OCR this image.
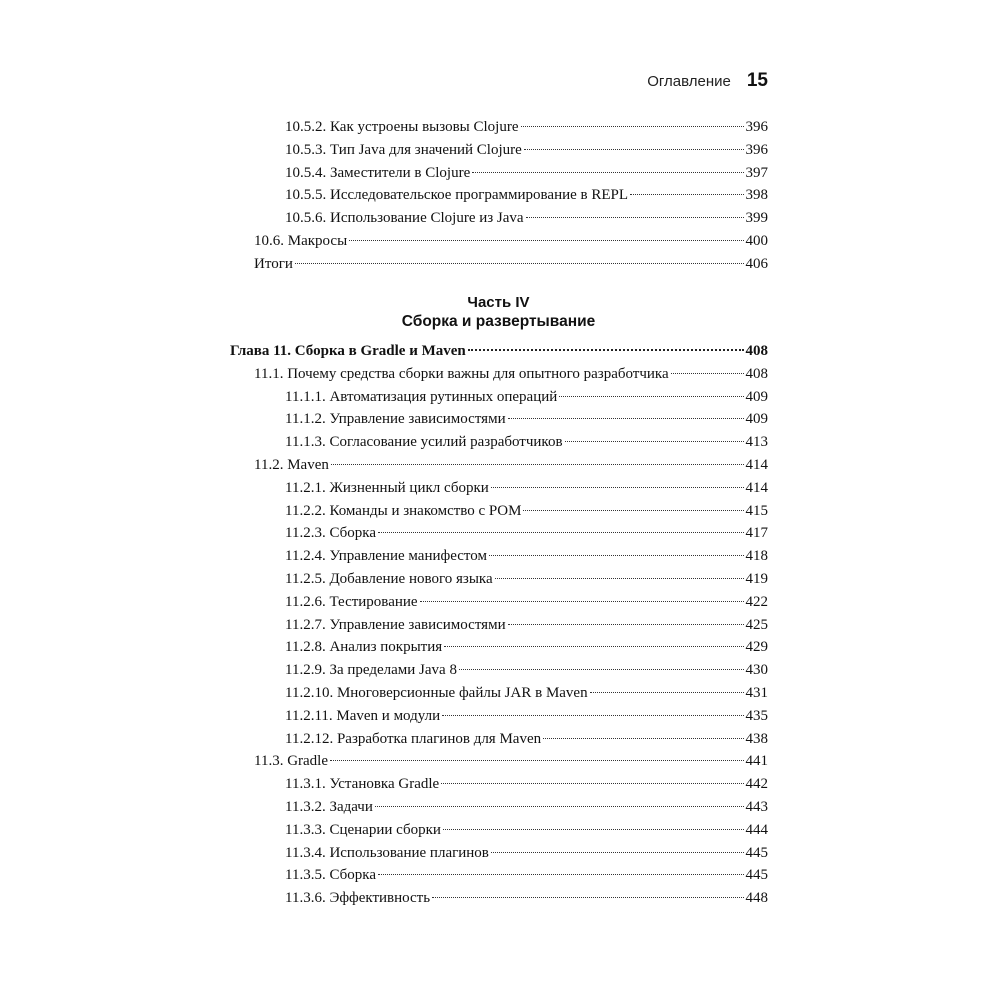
Оглавление 15
10.5.2. Как устроены вызовы Clojure	396
10.5.3. Тип Java для значений Clojure	396
10.5.4. Заместители в Clojure	397
10.5.5. Исследовательское программирование в REPL	398
10.5.6. Использование Clojure из Java	399
10.6. Макросы	400
Итоги	406
Часть IV
Сборка и развертывание
Глава 11. Сборка в Gradle и Maven	408
11.1. Почему средства сборки важны для опытного разработчика	408
11.1.1. Автоматизация рутинных операций	409
11.1.2. Управление зависимостями	409
11.1.3. Согласование усилий разработчиков	413
11.2. Maven	414
11.2.1. Жизненный цикл сборки	414
11.2.2. Команды и знакомство с POM	415
11.2.3. Сборка	417
11.2.4. Управление манифестом	418
11.2.5. Добавление нового языка	419
11.2.6. Тестирование	422
11.2.7. Управление зависимостями	425
11.2.8. Анализ покрытия	429
11.2.9. За пределами Java 8	430
11.2.10. Многоверсионные файлы JAR в Maven	431
11.2.11. Maven и модули	435
11.2.12. Разработка плагинов для Maven	438
11.3. Gradle	441
11.3.1. Установка Gradle	442
11.3.2. Задачи	443
11.3.3. Сценарии сборки	444
11.3.4. Использование плагинов	445
11.3.5. Сборка	445
11.3.6. Эффективность	448
